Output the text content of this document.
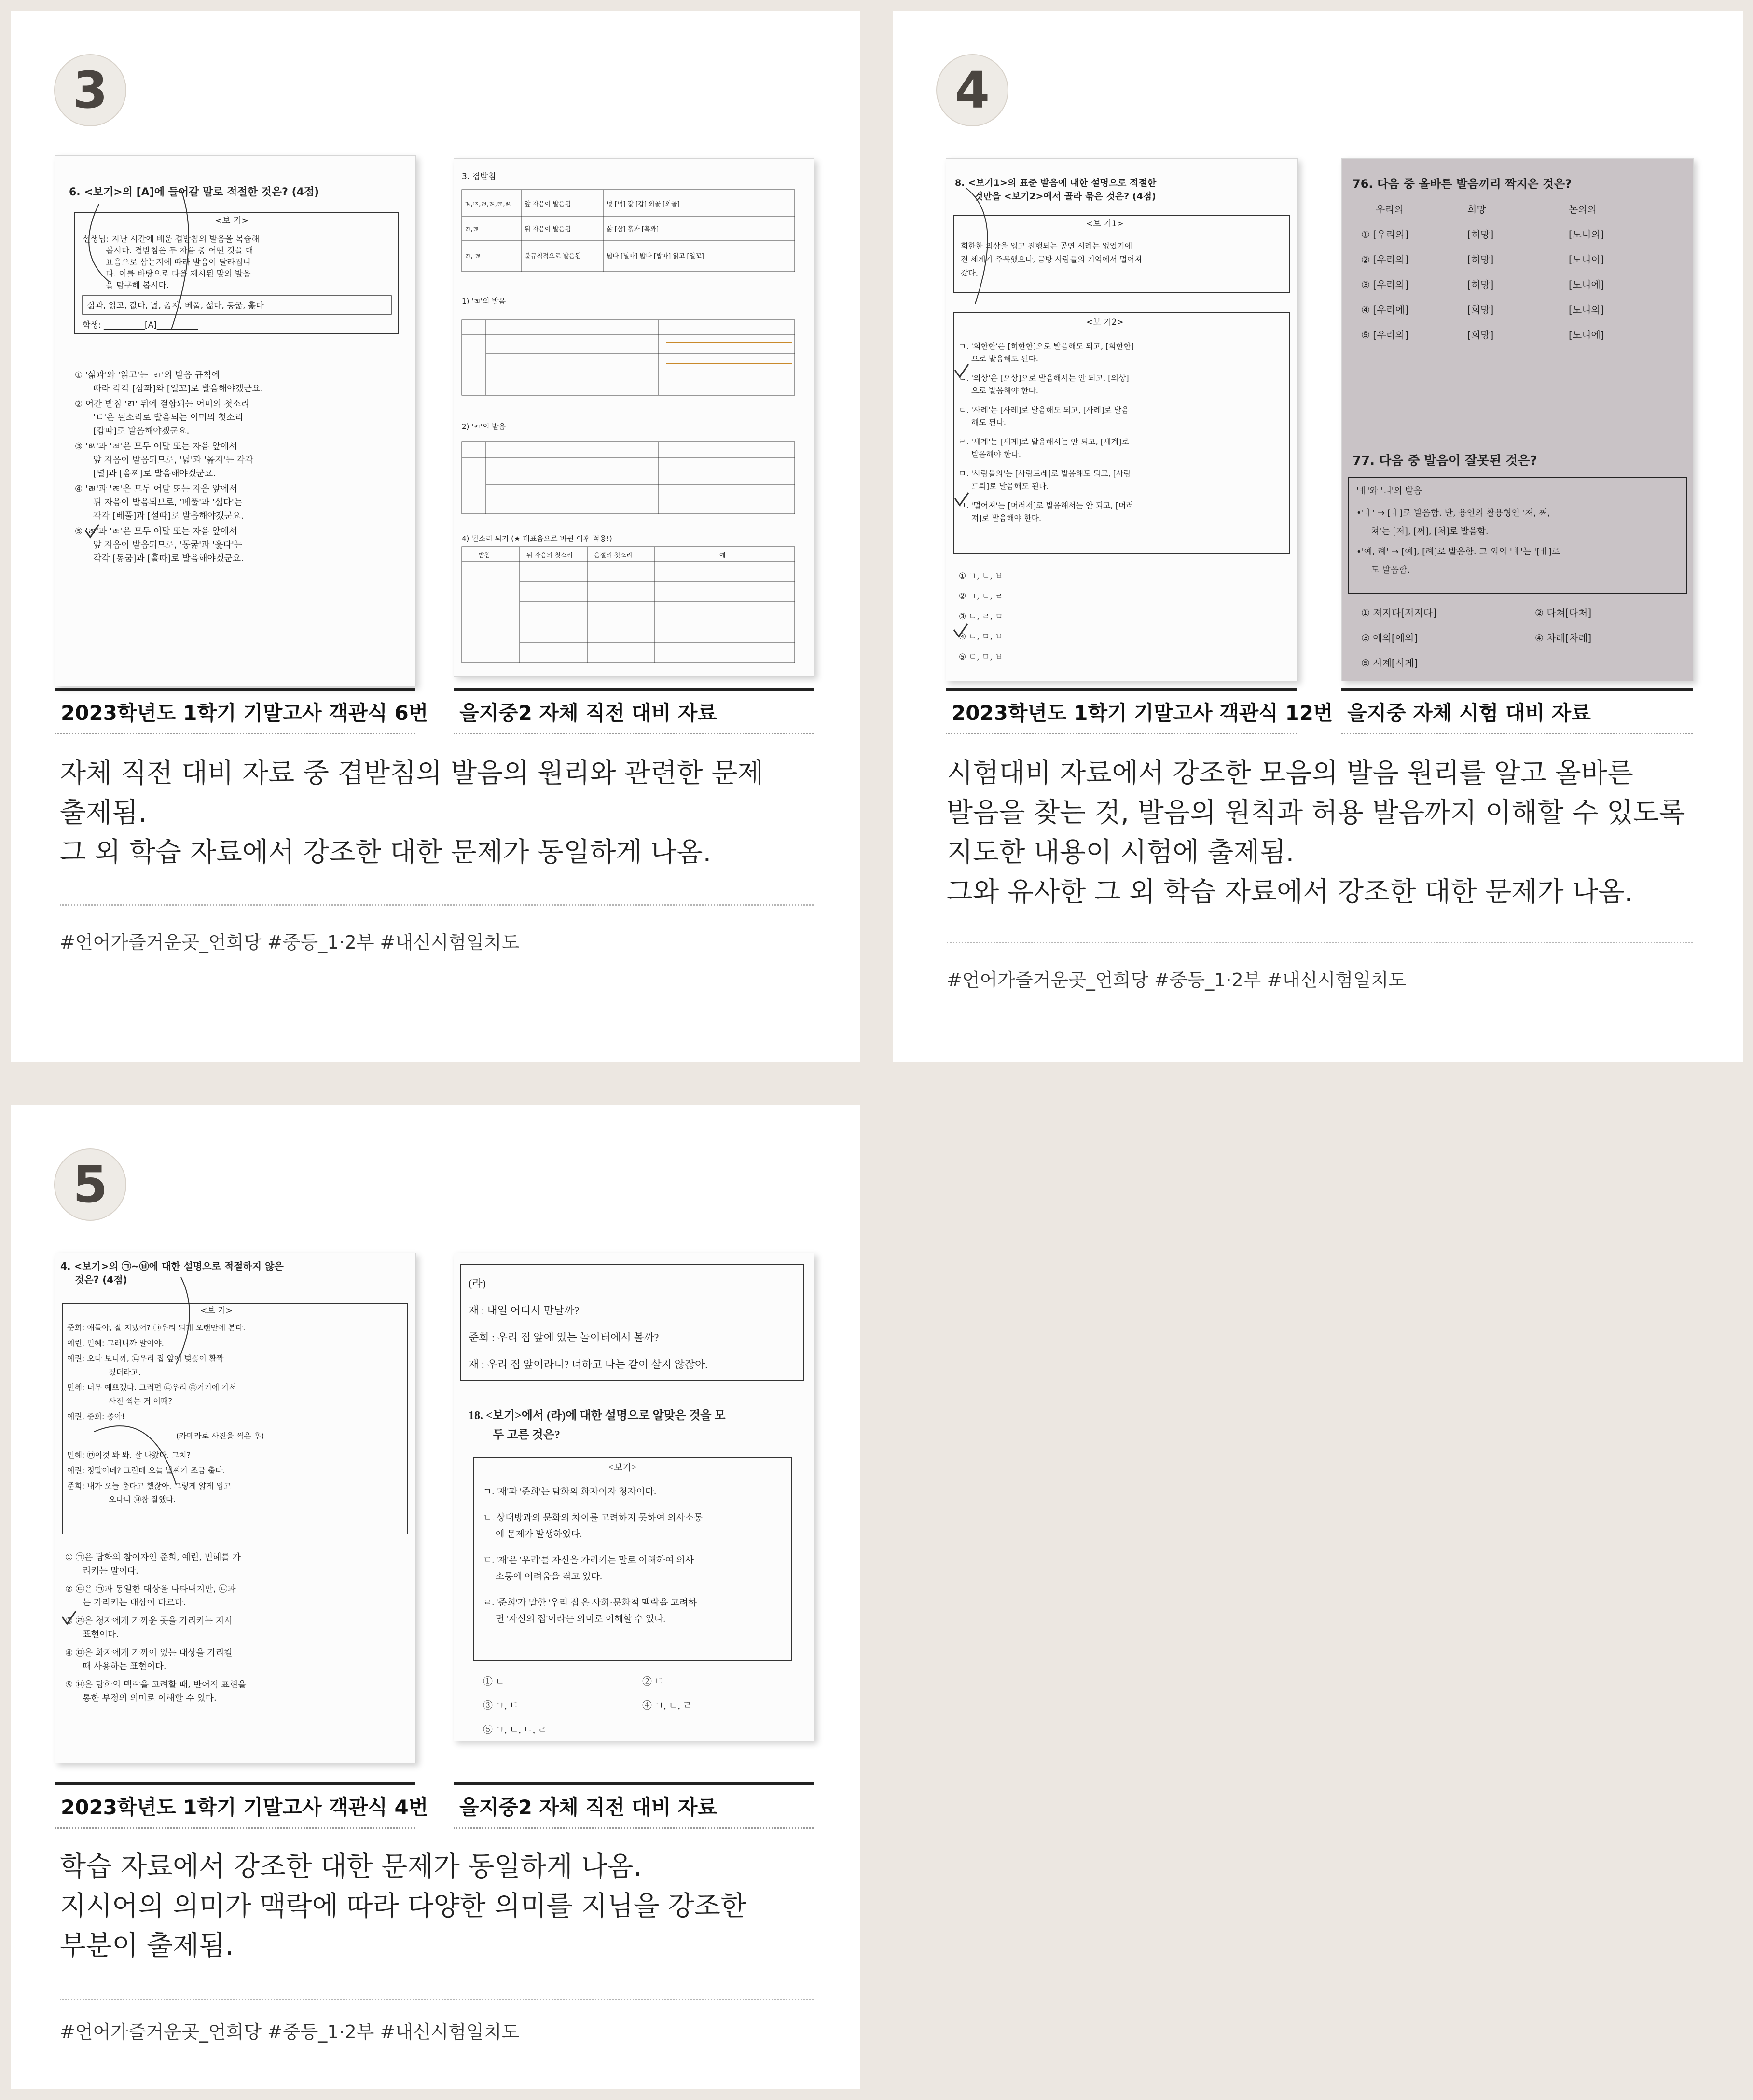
3
6. <보기>의 [A]에 들어갈 말로 적절한 것은? (4점)
<보 기>
선생님: 지난 시간에 배운 겹받침의 발음을 복습해
봅시다. 겹받침은 두 자음 중 어떤 것을 대
표음으로 삼는지에 따라 발음이 달라집니
다. 이를 바탕으로 다음 제시된 말의 발음
을 탐구해 봅시다.
삶과, 읽고, 값다, 넓, 옮지, 베풀, 섧다, 동굶, 훑다
학생: __________[A]__________
① '삶과'와 '읽고'는 'ㄺ'의 발음 규칙에
따라 각각 [삼꽈]와 [일꼬]로 발음해야겠군요.
② 어간 받침 'ㄺ' 뒤에 결합되는 어미의 첫소리
'ㄷ'은 된소리로 발음되는 이미의 첫소리
[갑따]로 발음해야겠군요.
③ 'ㅄ'과 'ㄼ'은 모두 어말 또는 자음 앞에서
앞 자음이 발음되므로, '넓'과 '옮지'는 각각
[널]과 [옴찌]로 발음해야겠군요.
④ 'ㄼ'과 'ㄾ'은 모두 어말 또는 자음 앞에서
뒤 자음이 발음되므로, '베풀'과 '섧다'는
각각 [베풀]과 [설따]로 발음해야겠군요.
⑤ 'ㄻ'과 'ㄾ'은 모두 어말 또는 자음 앞에서
앞 자음이 발음되므로, '동굶'과 '훑다'는
각각 [동굼]과 [훌따]로 발음해야겠군요.
3. 겹받침
ㄳ,ㄵ,ㄼ,ㄽ,ㄾ,ㅄ 앞 자음이 발음됨	넋 [넉] 값 [갑] 외곬 [외골]
ㄺ,ㄻ	뒤 자음이 발음됨	삶 [삼] 흙과 [흑꽈]
ㄺ, ㄼ	불규칙적으로 발음됨	넓다 [널따] 밟다 [밥따] 읽고 [일꼬]
1) 'ㄼ'의 발음
2) 'ㄺ'의 발음
4) 된소리 되기 (★ 대표음으로 바뀐 이후 적용!)
받침	뒤 자음의 첫소리	음절의 첫소리	예
2023학년도 1학기 기말고사 객관식 6번 을지중2 자체 직전 대비 자료
자체 직전 대비 자료 중 겹받침의 발음의 원리와 관련한 문제
출제됨.
그 외 학습 자료에서 강조한 대한 문제가 동일하게 나옴.
#언어가즐거운곳_언희당 #중등_1·2부 #내신시험일치도
4
8. <보기1>의 표준 발음에 대한 설명으로 적절한
것만을 <보기2>에서 골라 묶은 것은? (4점)
<보 기1>
희한한 의상을 입고 진행되는 공연 시례는 없었기에
전 세계가 주목했으나, 금방 사람들의 기억에서 멀어져
갔다.
<보 기2>
ㄱ. '희한한'은 [히한한]으로 발음해도 되고, [희한한]
으로 발음해도 된다.
ㄴ. '의상'은 [으상]으로 발음해서는 안 되고, [의상]
으로 발음해야 한다.
ㄷ. '사례'는 [사레]로 발음해도 되고, [사례]로 발음
해도 된다.
ㄹ. '세계'는 [세게]로 발음해서는 안 되고, [세계]로
발음해야 한다.
ㅁ. '사람들의'는 [사람드레]로 발음해도 되고, [사람
드릐]로 발음해도 된다.
ㅂ. '멀어져'는 [머러저]로 발음해서는 안 되고, [머러
져]로 발음해야 한다.
① ㄱ, ㄴ, ㅂ
② ㄱ, ㄷ, ㄹ
③ ㄴ, ㄹ, ㅁ
④ ㄴ, ㅁ, ㅂ
⑤ ㄷ, ㅁ, ㅂ
76. 다음 중 올바른 발음끼리 짝지은 것은?
우리의	희망	논의의
① [우리의]	[히망]	[노니의]
② [우리의]	[히망]	[노니이]
③ [우리의]	[히망]	[노니에]
④ [우리에]	[희망]	[노니의]
⑤ [우리의]	[희망]	[노니에]
77. 다음 중 발음이 잘못된 것은?
'ㅖ'와 'ㅢ'의 발음
•'ㅕ' → [ㅕ]로 발음함. 단, 용언의 활용형인 '져, 쪄,
쳐'는 [저], [쩌], [처]로 발음함.
•'예, 례' → [예], [례]로 발음함. 그 외의 'ㅖ'는 '[ㅔ]로
도 발음함.
① 져지다[저지다]	② 다쳐[다처]
③ 예의[예의]	④ 차례[차레]
⑤ 시계[시게]
2023학년도 1학기 기말고사 객관식 12번 을지중 자체 시험 대비 자료
시험대비 자료에서 강조한 모음의 발음 원리를 알고 올바른
발음을 찾는 것, 발음의 원칙과 허용 발음까지 이해할 수 있도록
지도한 내용이 시험에 출제됨.
그와 유사한 그 외 학습 자료에서 강조한 대한 문제가 나옴.
#언어가즐거운곳_언희당 #중등_1·2부 #내신시험일치도
5
4. <보기>의 ㉠~㉥에 대한 설명으로 적절하지 않은
것은? (4점)
<보 기>
준희: 얘들아, 잘 지냈어? ㉠우리 되게 오랜만에 본다.
예린, 민혜: 그러니까 말이야.
예린: 오다 보니까, ㉡우리 집 앞에 벚꽃이 활짝
폈더라고.
민혜: 너무 예쁘겠다. 그러면 ㉢우리 ㉣거기에 가서
사진 찍는 거 어때?
예린, 준희: 좋아!
(카메라로 사진을 찍은 후)
민혜: ㉤이것 봐 봐. 잘 나왔다. 그치?
예린: 정말이네? 그런데 오늘 날씨가 조금 춥다.
준희: 내가 오늘 춥다고 했잖아. 그렇게 얇게 입고
오다니 ㉥참 잘했다.
① ㉠은 담화의 참여자인 준희, 예린, 민혜를 가
리키는 말이다.
② ㉢은 ㉠과 동일한 대상을 나타내지만, ㉡과
는 가리키는 대상이 다르다.
③ ㉣은 청자에게 가까운 곳을 가리키는 지시
표현이다.
④ ㉤은 화자에게 가까이 있는 대상을 가리킬
때 사용하는 표현이다.
⑤ ㉥은 담화의 맥락을 고려할 때, 반어적 표현을
통한 부정의 의미로 이해할 수 있다.
(라)
재 : 내일 어디서 만날까?
준희 : 우리 집 앞에 있는 놀이터에서 볼까?
재 : 우리 집 앞이라니? 너하고 나는 같이 살지 않잖아.
18. <보기>에서 (라)에 대한 설명으로 알맞은 것을 모
두 고른 것은?
<보기>
ㄱ. '재'과 '준희'는 담화의 화자이자 청자이다.
ㄴ. 상대방과의 문화의 차이를 고려하지 못하여 의사소통
에 문제가 발생하였다.
ㄷ. '재'은 '우리'를 자신을 가리키는 말로 이해하여 의사
소통에 어려움을 겪고 있다.
ㄹ. '준희'가 말한 '우리 집'은 사회·문화적 맥락을 고려하
면 '자신의 집'이라는 의미로 이해할 수 있다.
① ㄴ	② ㄷ
③ ㄱ, ㄷ	④ ㄱ, ㄴ, ㄹ
⑤ ㄱ, ㄴ, ㄷ, ㄹ
2023학년도 1학기 기말고사 객관식 4번 을지중2 자체 직전 대비 자료
학습 자료에서 강조한 대한 문제가 동일하게 나옴.
지시어의 의미가 맥락에 따라 다양한 의미를 지님을 강조한
부분이 출제됨.
#언어가즐거운곳_언희당 #중등_1·2부 #내신시험일치도
